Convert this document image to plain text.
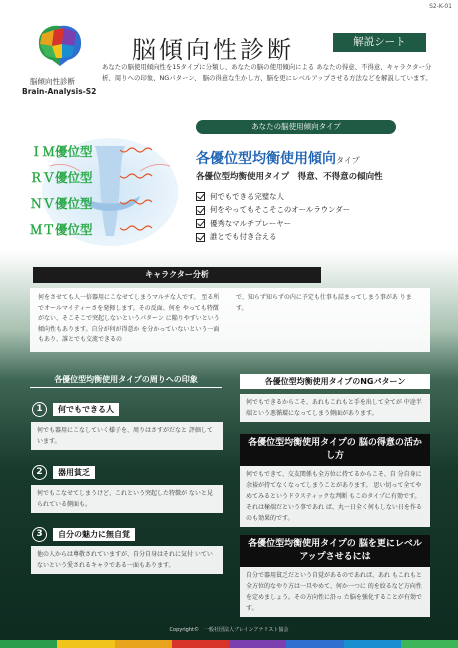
S2-K-01
脳傾向性診断
Brain-Analysis-S2
脳傾向性診断	解説シート
あなたの脳使用傾向性を15タイプに分類し、あなたの脳の使用傾向による あなたの得意、不得意、キャラクター分析、周りへの印象、NGパターン、 脳の得意な生かし方、脳を更にレベルアップさせる方法などを解説しています。
あなたの脳使用傾向タイプ
ＩＭ優位型
ＲＶ優位型
ＮＶ優位型
ＭＴ優位型
各優位型均衡使用傾向タイプ
各優位型均衡使用タイプ　得意、不得意の傾向性
何でもできる完璧な人
何をやってもそこそこのオールラウンダー
優秀なマルチプレーヤー
誰とでも付き合える
キャラクター分析

何をさせても人一倍器用にこなせてしまうマルチな人です。 至る所でオールマイティーさを発揮します。その反面、何を やっても特徴がない、そこそこで突起しないというパターン に陥りやすいという傾向性もあります。自分が何が得意か を分かっていないという一面もあり、誰とでも交流できるの

で、知らず知らずの内に予定も仕事も詰まってしまう事があ ります。

各優位型均衡使用タイプの周りへの印象
1	何でもできる人
何でも器用にこなしていく様子を、周りはさすがだなと 評価しています。
2	器用貧乏
何でもこなせてしまうけど、これという突起した特徴が ないと見られている側面も。
3	自分の魅力に無自覚
他の人からは尊敬されていますが、自分自身はそれに気付 いていないという愛されるキャラである一面もあります。
各優位型均衡使用タイプのNGパターン
何でもできるからこそ、あれもこれもと手を出して全てが 中途半端という悪循環になってしまう側面があります。
各優位型均衡使用タイプの 脳の得意の活かし方
何でもできて、交友関係も全方位に持てるからこそ、自 分自身に余裕が持てなくなってしまうことがあります。 思い切って全てやめてみるというドラスティックな判断 もこのタイプに有効です。それは極端だという事であれ ば、丸一日全く何もしない日を作るのも効果的です。
各優位型均衡使用タイプの 脳を更にレベルアップさせるには
自分で器用貧乏だという自覚があるのであれば、あれ もこれもと全方位的なやり方は一旦やめて、何か一つに 的を絞るなど方向性を定めましょう。その方向性に沿っ た脳を強化することが有効です。
Copyright©　一般社団法人ブレインアナリスト協会
